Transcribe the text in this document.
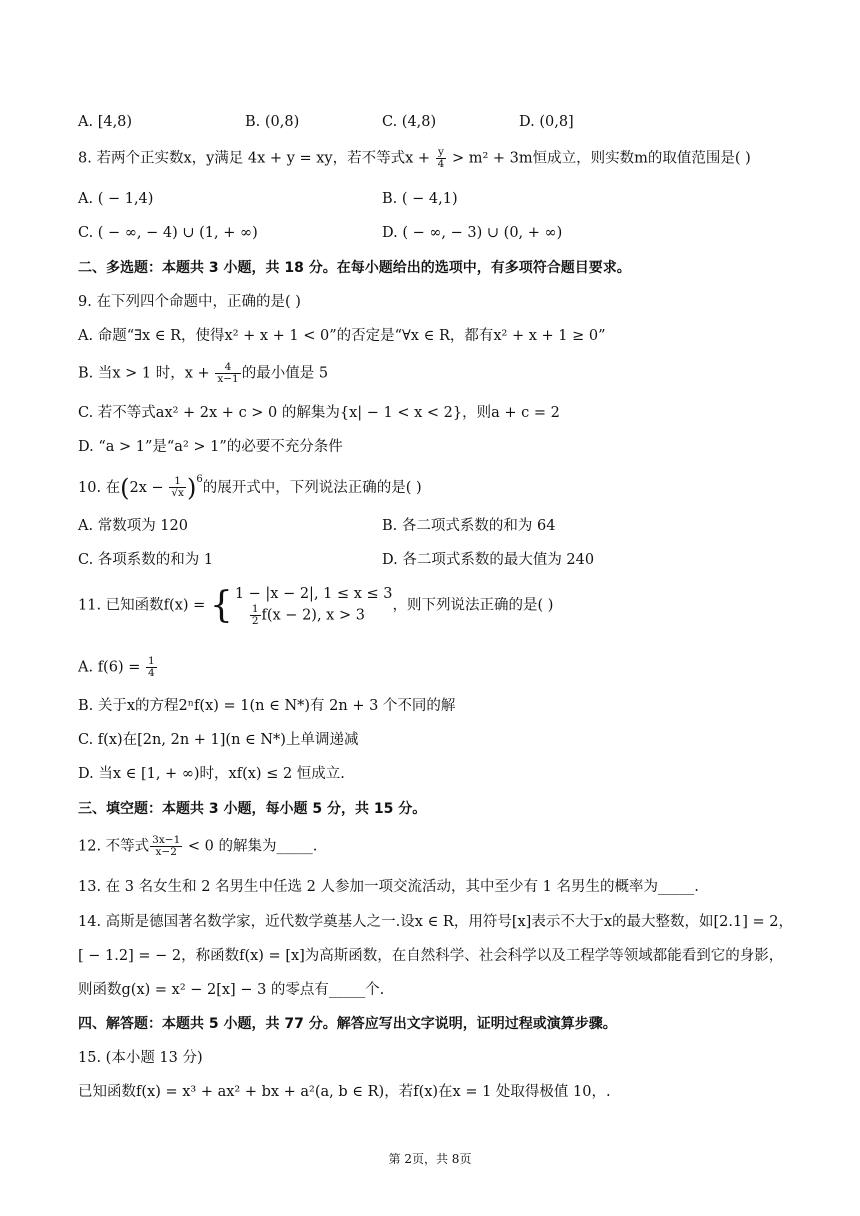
A. [4,8)	B. (0,8)	C. (4,8)	D. (0,8]
8. 若两个正实数x，y满足 4x + y = xy，若不等式$x + \frac{y}{4} > m^2 + 3m$恒成立，则实数m的取值范围是( )
A. ( − 1,4)	B. ( − 4,1)
C. ( − ∞, − 4) ∪ (1, + ∞)	D. ( − ∞, − 3) ∪ (0, + ∞)
二、多选题：本题共 3 小题，共 18 分。在每小题给出的选项中，有多项符合题目要求。
9. 在下列四个命题中，正确的是( )
A. 命题“∃x ∈ R，使得x² + x + 1 < 0”的否定是“∀x ∈ R，都有x² + x + 1 ≥ 0”
B. 当x > 1 时，$x + \frac{4}{x-1}$ 的最小值是 5
C. 若不等式ax² + 2x + c > 0 的解集为{x| − 1 < x < 2}，则a + c = 2
D. “a > 1”是“a² > 1”的必要不充分条件
10. 在$(2x - \frac{1}{√x} )^6$的展开式中，下列说法正确的是( )
A. 常数项为 120	B. 各二项式系数的和为 64
C. 各项系数的和为 1	D. 各二项式系数的最大值为 240
11. 已知函数f(x) = { 1 − |x − 2|, 1 ≤ x ≤ 3
$\frac{1}{2} f(x - 2)$, x > 3
，则下列说法正确的是( )
A. $f(6) = \frac{1}{4}$
B. 关于x的方程2ⁿf(x) = 1(n ∈ N*)有 2n + 3 个不同的解
C. f(x)在[2n, 2n + 1](n ∈ N*)上单调递减
D. 当x ∈ [1, + ∞)时，xf(x) ≤ 2 恒成立.
三、填空题：本题共 3 小题，每小题 5 分，共 15 分。
12. 不等式 $\frac{3x-1}{x-2} < 0$ 的解集为_____.
13. 在 3 名女生和 2 名男生中任选 2 人参加一项交流活动，其中至少有 1 名男生的概率为_____.
14. 高斯是德国著名数学家，近代数学奠基人之一.设x ∈ R，用符号[x]表示不大于x的最大整数，如[2.1] = 2，
[ − 1.2] = − 2，称函数f(x) = [x]为高斯函数，在自然科学、社会科学以及工程学等领域都能看到它的身影，
则函数g(x) = x² − 2[x] − 3 的零点有_____个.
四、解答题：本题共 5 小题，共 77 分。解答应写出文字说明，证明过程或演算步骤。
15. (本小题 13 分)
已知函数f(x) = x³ + ax² + bx + a²(a, b ∈ R)，若f(x)在x = 1 处取得极值 10，.
第 2页，共 8页
